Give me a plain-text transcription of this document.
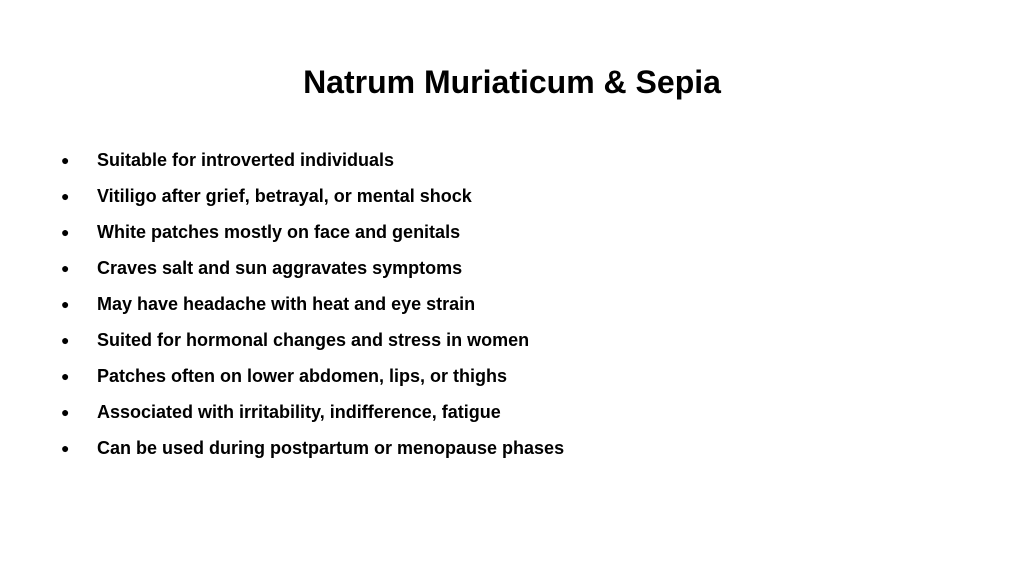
Natrum Muriaticum & Sepia
● Suitable for introverted individuals
● Vitiligo after grief, betrayal, or mental shock
● White patches mostly on face and genitals
● Craves salt and sun aggravates symptoms
● May have headache with heat and eye strain
● Suited for hormonal changes and stress in women
● Patches often on lower abdomen, lips, or thighs
● Associated with irritability, indifference, fatigue
● Can be used during postpartum or menopause phases
